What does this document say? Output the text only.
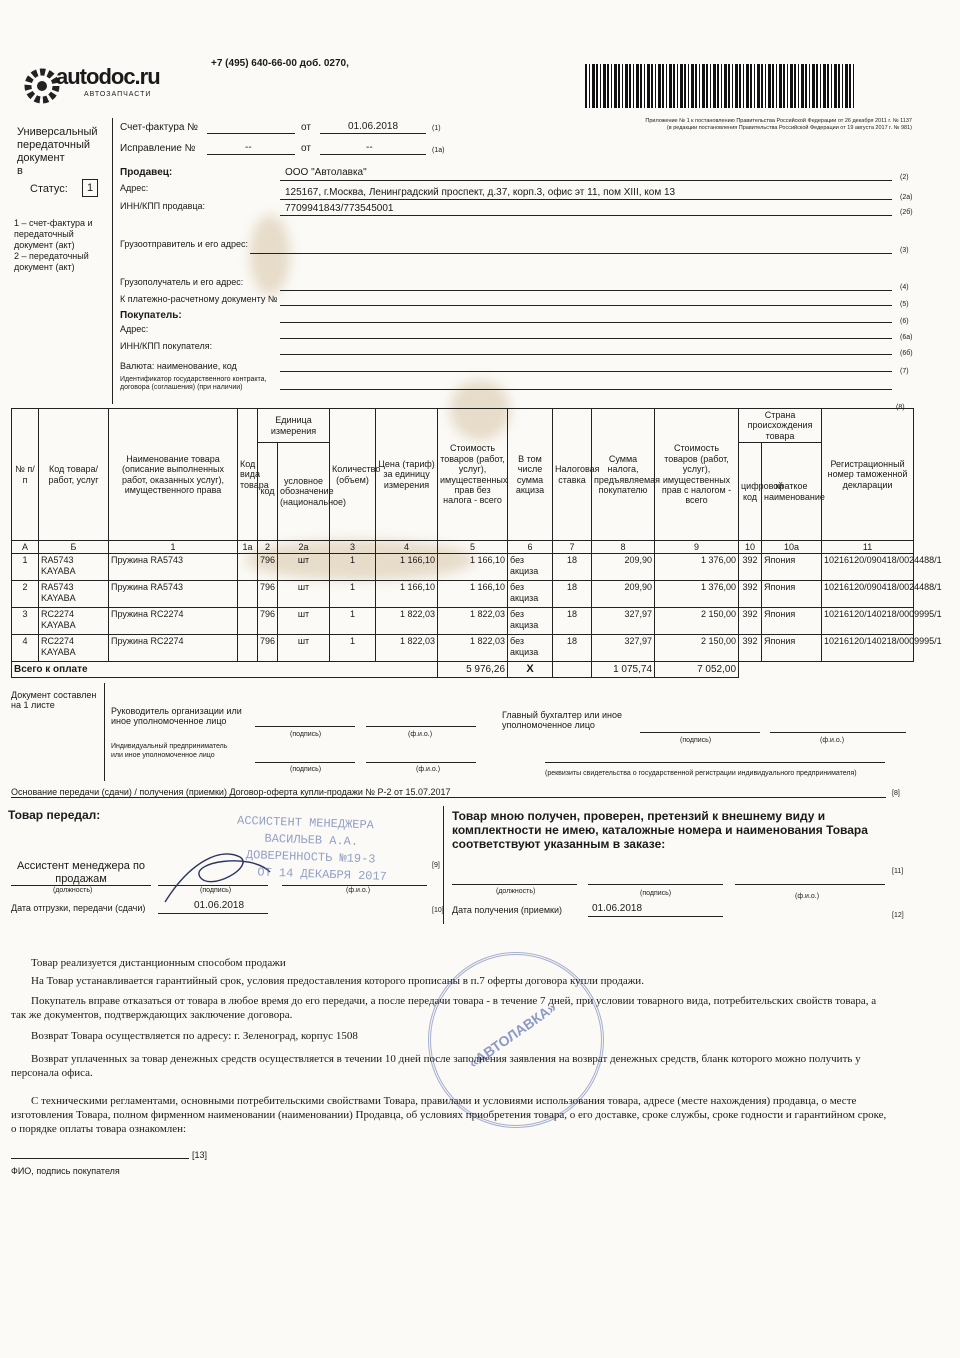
autodoc.ru
АВТОЗАПЧАСТИ
+7 (495) 640-66-00 доб. 0270,
Приложение № 1 к постановлению Правительства Российской Федерации от 26 декабря 2011 г. № 1137
(в редакции постановления Правительства Российской Федерации от 19 августа 2017 г. № 981)
Универсальный
передаточный
документ
в
Статус:	1
1 – счет-фактура и передаточный документ (акт)
2 – передаточный документ (акт)
Счет-фактура №	от	01.06.2018	(1)
Исправление №	--	от	--	(1а)
Продавец:	ООО "Автолавка"	(2)
Адрес:	125167, г.Москва, Ленинградский проспект, д.37, корп.3, офис эт 11, пом XIII, ком 13	(2а)
ИНН/КПП продавца:	7709941843/773545001	(2б)
Грузоотправитель и его адрес:
(3)
Грузополучатель и его адрес:
(4)
К платежно-расчетному документу №
(5)
Покупатель:
(6)
Адрес:
(6а)
ИНН/КПП покупателя:
(6б)
Валюта: наименование, код
Идентификатор государственного контракта, договора (соглашения) (при наличии)
(7)
(8)
№ п/п	Код товара/ работ, услуг	Наименование товара (описание выполненных работ, оказанных услуг), имущественного права	Код вида товара	Единица измерения		Количество (объем)	Цена (тариф) за единицу измерения	Стоимость товаров (работ, услуг), имущественных прав без налога - всего	В том числе сумма акциза	Налоговая ставка	Сумма налога, предъявляемая покупателю	Стоимость товаров (работ, услуг), имущественных прав с налогом - всего	Страна происхождения товара		Регистрационный номер таможенной декларации
				код	условное обозначение (национальное)								цифровой код	краткое наименование	
А	Б	1	1а	2	2а	3	4	5	6	7	8	9	10	10а	11
1	RA5743 KAYABA	Пружина RA5743		796	шт	1	1 166,10	1 166,10	без акциза	18	209,90	1 376,00	392	Япония	10216120/090418/0024488/1
2	RA5743 KAYABA	Пружина RA5743		796	шт	1	1 166,10	1 166,10	без акциза	18	209,90	1 376,00	392	Япония	10216120/090418/0024488/1
3	RC2274 KAYABA	Пружина RC2274		796	шт	1	1 822,03	1 822,03	без акциза	18	327,97	2 150,00	392	Япония	10216120/140218/0009995/1
4	RC2274 KAYABA	Пружина RC2274		796	шт	1	1 822,03	1 822,03	без акциза	18	327,97	2 150,00	392	Япония	10216120/140218/0009995/1
Всего к оплате								5 976,26	Х		1 075,74	7 052,00			
Документ составлен на 1 листе
Руководитель организации или иное уполномоченное лицо
(подпись)	(ф.и.о.)
Главный бухгалтер или иное уполномоченное лицо
(подпись)	(ф.и.о.)
Индивидуальный предприниматель или иное уполномоченное лицо
(подпись)	(ф.и.о.)
(реквизиты свидетельства о государственной регистрации индивидуального предпринимателя)
Основание передачи (сдачи) / получения (приемки) Договор-оферта купли-продажи № Р-2 от 15.07.2017	[8]
Товар передал:
Ассистент менеджера по продажам
(должность)	(подпись)	(ф.и.о.)
[9]
Дата отгрузки, передачи (сдачи)	01.06.2018	[10]
АССИСТЕНТ МЕНЕДЖЕРА
ВАСИЛЬЕВ А.А.
ДОВЕРЕННОСТЬ №19-3
ОТ 14 ДЕКАБРЯ 2017
Товар мною получен, проверен, претензий к внешнему виду и комплектности не имею, каталожные номера и наименования Товара соответствуют указанным в заказе:
(должность)	(подпись)	(ф.и.о.)
[11]
Дата получения (приемки)	01.06.2018
[12]
«АВТОЛАВКА»
Товар реализуется дистанционным способом продажи
На Товар устанавливается гарантийный срок, условия предоставления которого прописаны в п.7 оферты договора купли продажи.
Покупатель вправе отказаться от товара в любое время до его передачи, а после передачи товара - в течение 7 дней, при условии товарного вида, потребительских свойств товара, а так же документов, подтверждающих заключение договора.
Возврат Товара осуществляется по адресу: г. Зеленоград, корпус 1508
Возврат уплаченных за товар денежных средств осуществляется в течении 10 дней после заполнения заявления на возврат денежных средств, бланк которого можно получить у персонала офиса.
С техническими регламентами, основными потребительскими свойствами Товара, правилами и условиями использования товара, адресе (месте нахождения) продавца, о месте изготовления Товара, полном фирменном наименовании (наименовании) Продавца, об условиях приобретения товара, о его доставке, сроке службы, сроке годности и гарантийном сроке, о порядке оплаты товара ознакомлен:
[13]
ФИО, подпись покупателя
